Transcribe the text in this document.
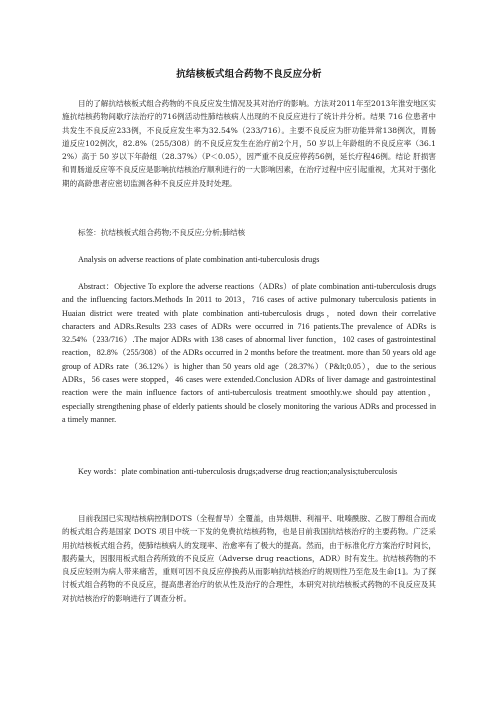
抗结核板式组合药物不良反应分析

目的了解抗结核板式组合药物的不良反应发生情况及其对治疗的影响。方法对2011年至2013年淮安地区实施抗结核药物间歇疗法治疗的716例活动性肺结核病人出现的不良反应进行了统计并分析。结果 716 位患者中共发生不良反应233例，不良反应发生率为32.54%（233/716）。主要不良反应为肝功能异常138例次，胃肠道反应102例次，82.8%（255/308）的不良反应发生在治疗前2个月，50 岁以上年龄组的不良反应率（36.12%）高于 50 岁以下年龄组（28.37%）（P＜0.05），因严重不良反应停药56例，延长疗程46例。结论 肝损害和胃肠道反应等不良反应是影响抗结核治疗顺利进行的一大影响因素，在治疗过程中应引起重视，尤其对于强化期的高龄患者应密切监测各种不良反应并及时处理。

标签：抗结核板式组合药物;不良反应;分析;肺结核

Analysis on adverse reactions of plate combination anti-tuberculosis drugs

Abstract：Objective To explore the adverse reactions（ADRs）of plate combination anti-tuberculosis drugs and the influencing factors.Methods In 2011 to 2013，716 cases of active pulmonary tuberculosis patients in Huaian district were treated with plate combination anti-tuberculosis drugs，noted down their correlative characters and ADRs.Results 233 cases of ADRs were occurred in 716 patients.The prevalence of ADRs is 32.54%（233/716）.The major ADRs with 138 cases of abnormal liver function，102 cases of gastrointestinal reaction，82.8%（255/308）of the ADRs occurred in 2 months before the treatment. more than 50 years old age group of ADRs rate（36.12%）is higher than 50 years old age（28.37%）（P&lt;0.05），due to the serious ADRs，56 cases were stopped，46 cases were extended.Conclusion ADRs of liver damage and gastrointestinal reaction were the main influence factors of anti-tuberculosis treatment smoothly.we should pay attention，especially strengthening phase of elderly patients should be closely monitoring the various ADRs and processed in a timely manner.

Key words：plate combination anti-tuberculosis drugs;adverse drug reaction;analysis;tuberculosis

目前我国已实现结核病控制DOTS（全程督导）全覆盖，由异烟肼、利福平、吡嗪酰胺、乙胺丁醇组合而成的板式组合药是国家 DOTS 项目中统一下发的免费抗结核药物，也是目前我国抗结核治疗的主要药物。广泛采用抗结核板式组合药，使肺结核病人的发现率、治愈率有了极大的提高。然而，由于标准化疗方案治疗时间长，服药量大，因服用板式组合药所致的不良反应（Adverse drug reactions，ADR）时有发生。抗结核药物的不良反应轻则为病人带来痛苦，重则可因不良反应停换药从而影响抗结核治疗的规则性乃至危及生命[1]。为了探讨板式组合药物的不良反应，提高患者治疗的依从性及治疗的合理性，本研究对抗结核板式药物的不良反应及其对抗结核治疗的影响进行了调查分析。
